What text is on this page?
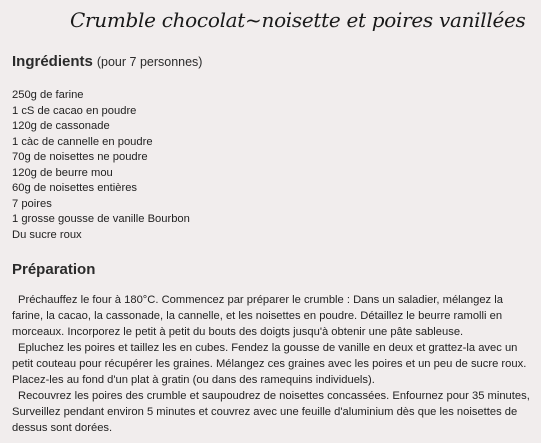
Crumble chocolat~noisette et poires vanillées
Ingrédients (pour 7 personnes)
250g de farine
1 cS de cacao en poudre
120g de cassonade
1 càc de cannelle en poudre
70g de noisettes ne poudre
120g de beurre mou
60g de noisettes entières
7 poires
1 grosse gousse de vanille Bourbon
Du sucre roux
Préparation

Préchauffez le four à 180°C. Commencez par préparer le crumble : Dans un saladier, mélangez la farine, la cacao, la cassonade, la cannelle, et les noisettes en poudre. Détaillez le beurre ramolli en morceaux. Incorporez le petit à petit du bouts des doigts jusqu'à obtenir une pâte sableuse.

Epluchez les poires et taillez les en cubes. Fendez la gousse de vanille en deux et grattez-la avec un petit couteau pour récupérer les graines. Mélangez ces graines avec les poires et un peu de sucre roux. Placez-les au fond d'un plat à gratin (ou dans des ramequins individuels).

Recouvrez les poires des crumble et saupoudrez de noisettes concassées. Enfournez pour 35 minutes, Surveillez pendant environ 5 minutes et couvrez avec une feuille d'aluminium dès que les noisettes de dessus sont dorées.
